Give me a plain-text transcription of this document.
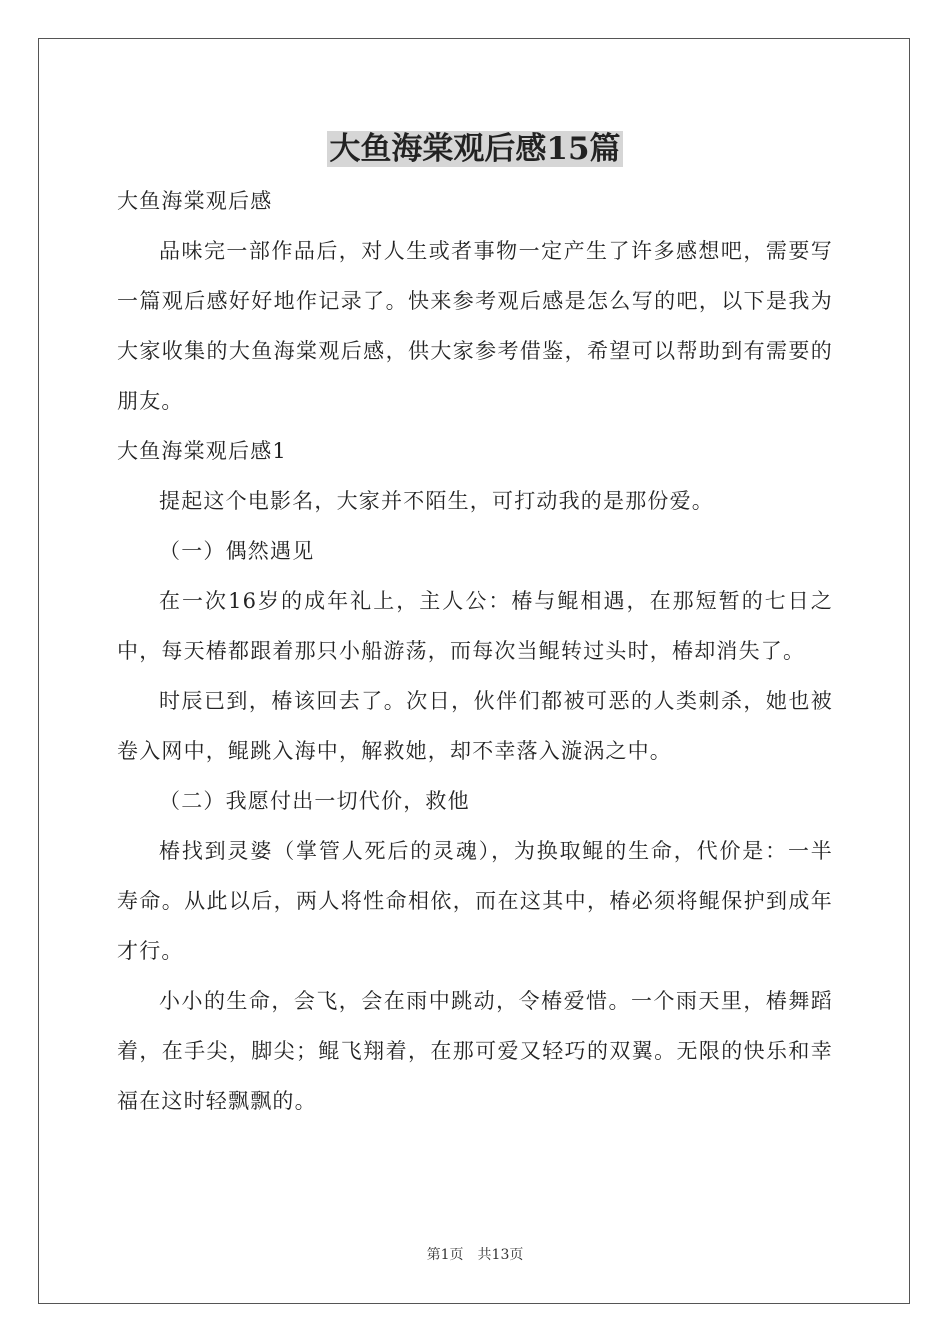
大鱼海棠观后感15篇

大鱼海棠观后感

品味完一部作品后，对人生或者事物一定产生了许多感想吧，需要写一篇观后感好好地作记录了。快来参考观后感是怎么写的吧，以下是我为大家收集的大鱼海棠观后感，供大家参考借鉴，希望可以帮助到有需要的朋友。

大鱼海棠观后感1

提起这个电影名，大家并不陌生，可打动我的是那份爱。

（一）偶然遇见

在一次16岁的成年礼上，主人公：椿与鲲相遇，在那短暂的七日之中，每天椿都跟着那只小船游荡，而每次当鲲转过头时，椿却消失了。

时辰已到，椿该回去了。次日，伙伴们都被可恶的人类刺杀，她也被卷入网中，鲲跳入海中，解救她，却不幸落入漩涡之中。

（二）我愿付出一切代价，救他

椿找到灵婆（掌管人死后的灵魂），为换取鲲的生命，代价是：一半寿命。从此以后，两人将性命相依，而在这其中，椿必须将鲲保护到成年才行。

小小的生命，会飞，会在雨中跳动，令椿爱惜。一个雨天里，椿舞蹈着，在手尖，脚尖；鲲飞翔着，在那可爱又轻巧的双翼。无限的快乐和幸福在这时轻飘飘的。

第1页 共13页
